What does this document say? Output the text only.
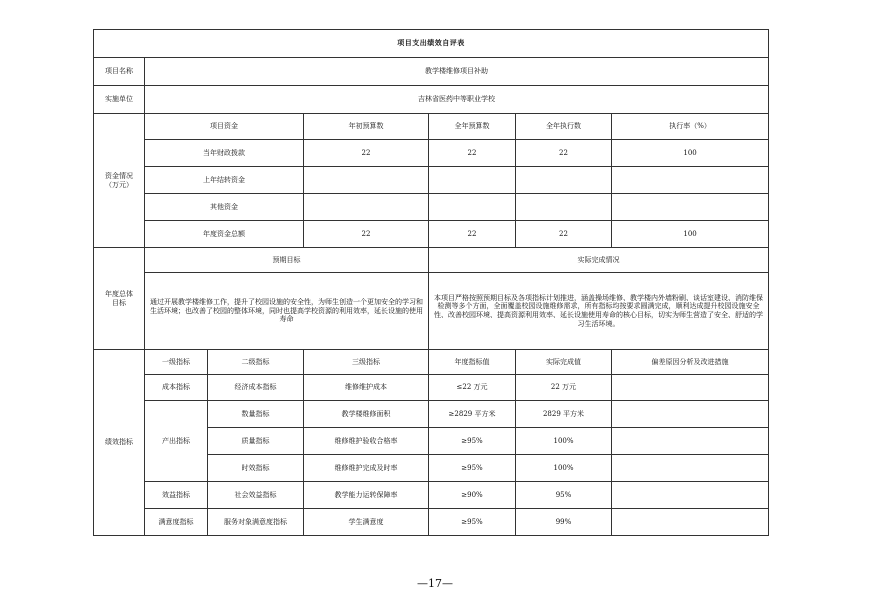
项目支出绩效自评表						
项目名称	教学楼维修项目补助					
实施单位	吉林省医药中等职业学校					
资金情况
（万元）	项目资金		年初预算数	全年预算数	全年执行数	执行率（%）
	当年财政拨款		22	22	22	100
	上年结转资金					
	其他资金					
	年度资金总额		22	22	22	100
年度总体
目标	预期目标			实际完成情况		
	通过开展教学楼维修工作，提升了校园设施的安全性，为师生创造一个更加安全的学习和生活环境；也改善了校园的整体环境，同时也提高学校资源的利用效率，延长设施的使用寿命			本项目严格按照预期目标及各项指标计划推进，涵盖操场维修、教学楼内外墙粉刷、谈话室建设、消防维保检测等多个方面，全面覆盖校园设施维修需求，所有指标均按要求圆满完成，顺利达成提升校园设施安全性、改善校园环境、提高资源利用效率、延长设施使用寿命的核心目标，切实为师生营造了安全、舒适的学习生活环境。		
绩效指标	一级指标	二级指标	三级指标	年度指标值	实际完成值	偏差原因分析及改进措施
	成本指标	经济成本指标	维修维护成本	≤22 万元	22 万元	
	产出指标	数量指标	教学楼维修面积	≥2829 平方米	2829 平方米	
		质量指标	维修维护验收合格率	≥95%	100%	
		时效指标	维修维护完成及时率	≥95%	100%	
	效益指标	社会效益指标	教学能力运转保障率	≥90%	95%	
	满意度指标	服务对象满意度指标	学生满意度	≥95%	99%	
—17—
